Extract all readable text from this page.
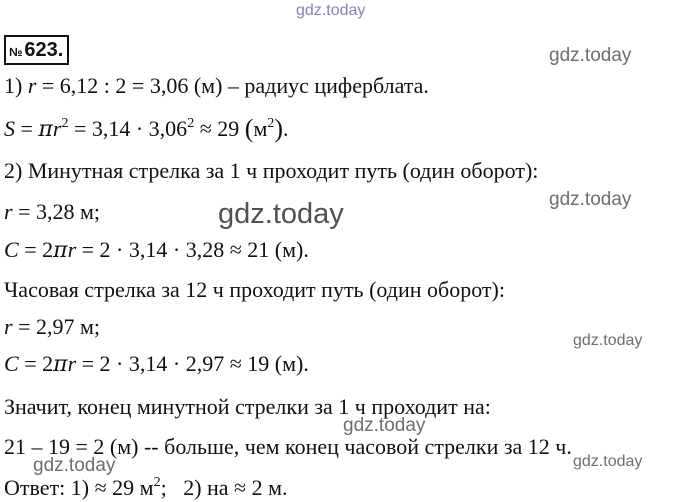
№ 623.
1) r = 6,12 : 2 = 3,06 (м) – радиус циферблата.
$S = \pi r^2 = 3,14 \cdot 3,06^2 \approx 29$ $(м^2)$.
2) Минутная стрелка за 1 ч проходит путь (один оборот):
r = 3,28 м;
C = 2πr = 2 · 3,14 · 3,28 ≈ 21 (м).
Часовая стрелка за 12 ч проходит путь (один оборот):
r = 2,97 м;
C = 2πr = 2 · 3,14 · 2,97 ≈ 19 (м).
Значит, конец минутной стрелки за 1 ч проходит на:
21 – 19 = 2 (м) -- больше, чем конец часовой стрелки за 12 ч.
Ответ: 1) ≈ 29 $м^2$;   2) на ≈ 2 м.
gdz.today
gdz.today
gdz.today
gdz.today
gdz.today
gdz.today
gdz.today
gdz.today
